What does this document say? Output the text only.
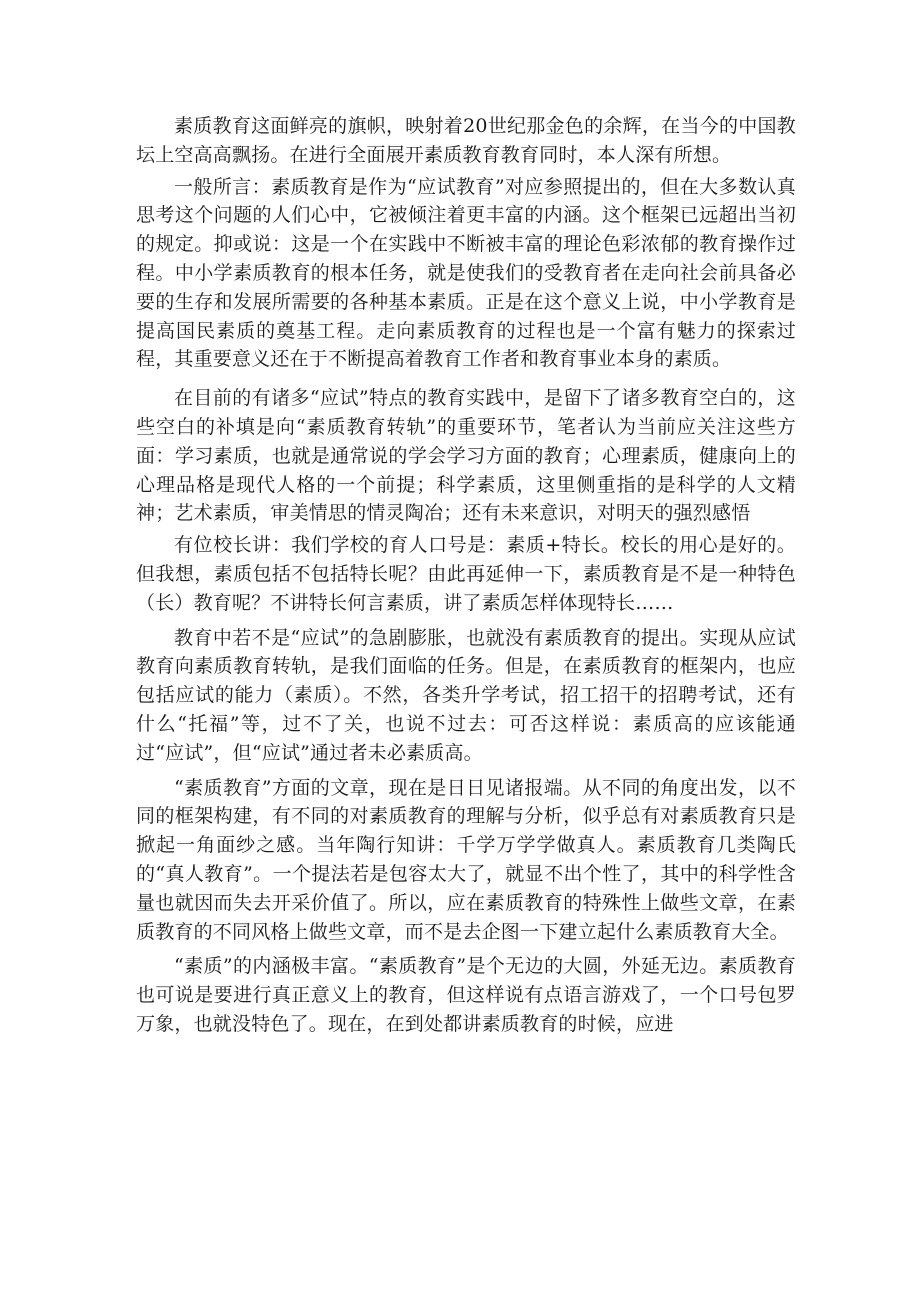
素质教育这面鲜亮的旗帜，映射着20世纪那金色的余辉，在当今的中国教坛上空高高飘扬。在进行全面展开素质教育教育同时，本人深有所想。

一般所言：素质教育是作为“应试教育”对应参照提出的，但在大多数认真思考这个问题的人们心中，它被倾注着更丰富的内涵。这个框架已远超出当初的规定。抑或说：这是一个在实践中不断被丰富的理论色彩浓郁的教育操作过程。中小学素质教育的根本任务，就是使我们的受教育者在走向社会前具备必要的生存和发展所需要的各种基本素质。正是在这个意义上说，中小学教育是提高国民素质的奠基工程。走向素质教育的过程也是一个富有魅力的探索过程，其重要意义还在于不断提高着教育工作者和教育事业本身的素质。

在目前的有诸多“应试”特点的教育实践中，是留下了诸多教育空白的，这些空白的补填是向“素质教育转轨”的重要环节，笔者认为当前应关注这些方面：学习素质，也就是通常说的学会学习方面的教育；心理素质，健康向上的心理品格是现代人格的一个前提；科学素质，这里侧重指的是科学的人文精神；艺术素质，审美情思的情灵陶冶；还有未来意识，对明天的强烈感悟

有位校长讲：我们学校的育人口号是：素质+特长。校长的用心是好的。但我想，素质包括不包括特长呢？由此再延伸一下，素质教育是不是一种特色（长）教育呢？不讲特长何言素质，讲了素质怎样体现特长……

教育中若不是“应试”的急剧膨胀，也就没有素质教育的提出。实现从应试教育向素质教育转轨，是我们面临的任务。但是，在素质教育的框架内，也应包括应试的能力（素质）。不然，各类升学考试，招工招干的招聘考试，还有什么“托福”等，过不了关，也说不过去：可否这样说：素质高的应该能通过“应试”，但“应试”通过者未必素质高。

“素质教育”方面的文章，现在是日日见诸报端。从不同的角度出发，以不同的框架构建，有不同的对素质教育的理解与分析，似乎总有对素质教育只是掀起一角面纱之感。当年陶行知讲：千学万学学做真人。素质教育几类陶氏的“真人教育”。一个提法若是包容太大了，就显不出个性了，其中的科学性含量也就因而失去开采价值了。所以，应在素质教育的特殊性上做些文章，在素质教育的不同风格上做些文章，而不是去企图一下建立起什么素质教育大全。

“素质”的内涵极丰富。“素质教育”是个无边的大圆，外延无边。素质教育也可说是要进行真正意义上的教育，但这样说有点语言游戏了，一个口号包罗万象，也就没特色了。现在，在到处都讲素质教育的时候，应进
